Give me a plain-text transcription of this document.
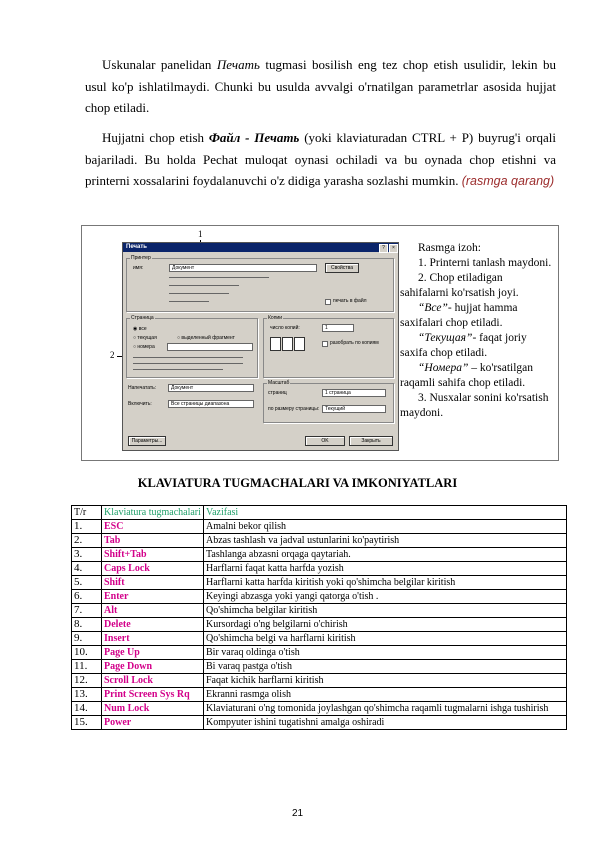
Uskunalar panelidan Печать tugmasi bosilish eng tez chop etish usulidir, lekin bu usul ko'p ishlatilmaydi. Chunki bu usulda avvalgi o'rnatilgan parametrlar asosida hujjat chop etiladi.

Hujjatni chop etish Файл - Печать (yoki klaviaturadan CTRL + P) buyrug'i orqali bajariladi. Bu holda Pechat muloqat oynasi ochiladi va bu oynada chop etishni va printerni xossalarini foydalanuvchi o'z didiga yarasha sozlashi mumkin. (rasmga qarang)

1
2
Печать	?	×
Принтер
имя:	Документ	Свойства
печать в файл
Страница
◉ все
○ текущая	○ выделенный фрагмент
○ номера
Копии
число копий:	1
разобрать по копиям
Напечатать:	Документ
Включить:	Все страницы диапазона
Масштаб
страниц	1 страница
по размеру страницы:	Текущий
Параметры...	OK	Закрыть

Rasmga izoh:

1. Printerni tanlash maydoni.

2. Chop etiladigan sahifalarni ko'rsatish joyi.

“Все”- hujjat hamma saxifalari chop etiladi.

“Текущая”- faqat joriy saxifa chop etiladi.

“Номера” – ko'rsatilgan raqamli sahifa chop etiladi.

3. Nusxalar sonini ko'rsatish maydoni.

KLAVIATURA TUGMACHALARI VA IMKONIYATLARI
T/r	Klaviatura tugmachalari	Vazifasi
1.	ESC	Amalni bekor qilish
2.	Tab	Abzas tashlash va jadval ustunlarini ko'paytirish
3.	Shift+Tab	Tashlanga abzasni orqaga qaytariah.
4.	Caps Lock	Harflarni faqat katta harfda yozish
5.	Shift	Harflarni katta harfda kiritish yoki qo'shimcha belgilar kiritish
6.	Enter	Keyingi abzasga yoki yangi qatorga o'tish .
7.	Alt	Qo'shimcha belgilar kiritish
8.	Delete	Kursordagi o'ng belgilarni o'chirish
9.	Insert	Qo'shimcha belgi va harflarni kiritish
10.	Page Up	Bir varaq oldinga o'tish
11.	Page Down	Bi varaq pastga o'tish
12.	Scroll Lock	Faqat kichik harflarni kiritish
13.	Print Screen Sys Rq	Ekranni rasmga olish
14.	Num Lock	Klaviaturani o'ng tomonida joylashgan qo'shimcha raqamli tugmalarni ishga tushirish
15.	Power	Kompyuter ishini tugatishni amalga oshiradi
21
